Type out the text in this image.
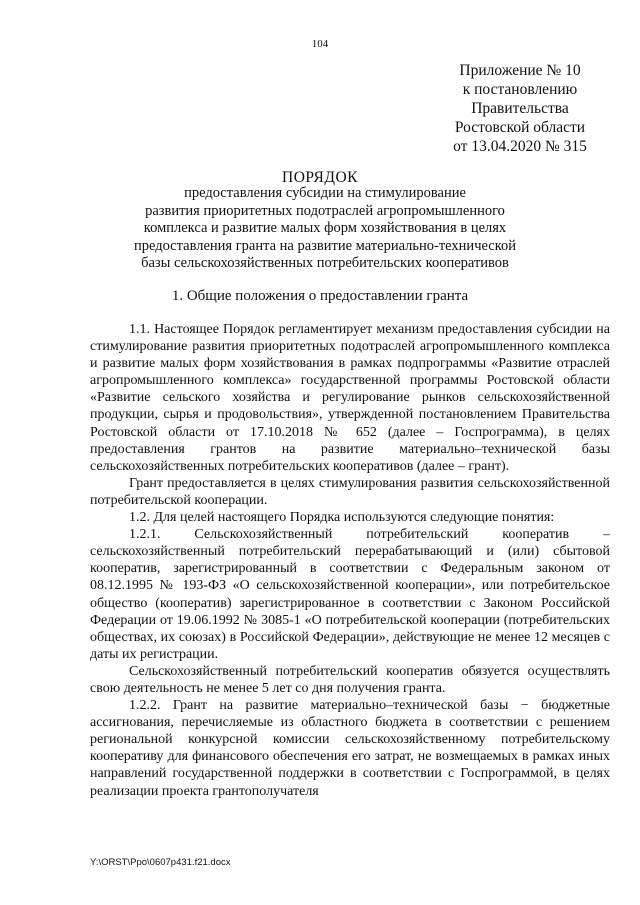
104
Приложение № 10
к постановлению
Правительства
Ростовской области
от 13.04.2020 № 315
ПОРЯДОК
предоставления субсидии на стимулирование
развития приоритетных подотраслей агропромышленного
комплекса и развитие малых форм хозяйствования в целях
предоставления гранта на развитие материально-технической
базы сельскохозяйственных потребительских кооперативов
1. Общие положения о предоставлении гранта

1.1. Настоящее Порядок регламентирует механизм предоставления субсидии на стимулирование развития приоритетных подотраслей агропромышленного комплекса и развитие малых форм хозяйствования в рамках подпрограммы «Развитие отраслей агропромышленного комплекса» государственной программы Ростовской области «Развитие сельского хозяйства и регулирование рынков сельскохозяйственной продукции, сырья и продовольствия», утвержденной постановлением Правительства Ростовской области от 17.10.2018 № 652 (далее – Госпрограмма), в целях предоставления грантов на развитие материально–технической базы сельскохозяйственных потребительских кооперативов (далее – грант).

Грант предоставляется в целях стимулирования развития сельскохозяйственной потребительской кооперации.

1.2. Для целей настоящего Порядка используются следующие понятия:

1.2.1. Сельскохозяйственный потребительский кооператив – сельскохозяйственный потребительский перерабатывающий и (или) сбытовой кооператив, зарегистрированный в соответствии с Федеральным законом от 08.12.1995 № 193-ФЗ «О сельскохозяйственной кооперации», или потребительское общество (кооператив) зарегистрированное в соответствии с Законом Российской Федерации от 19.06.1992 № 3085-1 «О потребительской кооперации (потребительских обществах, их союзах) в Российской Федерации», действующие не менее 12 месяцев с даты их регистрации.

Сельскохозяйственный потребительский кооператив обязуется осуществлять свою деятельность не менее 5 лет со дня получения гранта.

1.2.2. Грант на развитие материально–технической базы − бюджетные ассигнования, перечисляемые из областного бюджета в соответствии с решением региональной конкурсной комиссии сельскохозяйственному потребительскому кооперативу для финансового обеспечения его затрат, не возмещаемых в рамках иных направлений государственной поддержки в соответствии с Госпрограммой, в целях реализации проекта грантополучателя

Y:\ORST\Ppo\0607p431.f21.docx
